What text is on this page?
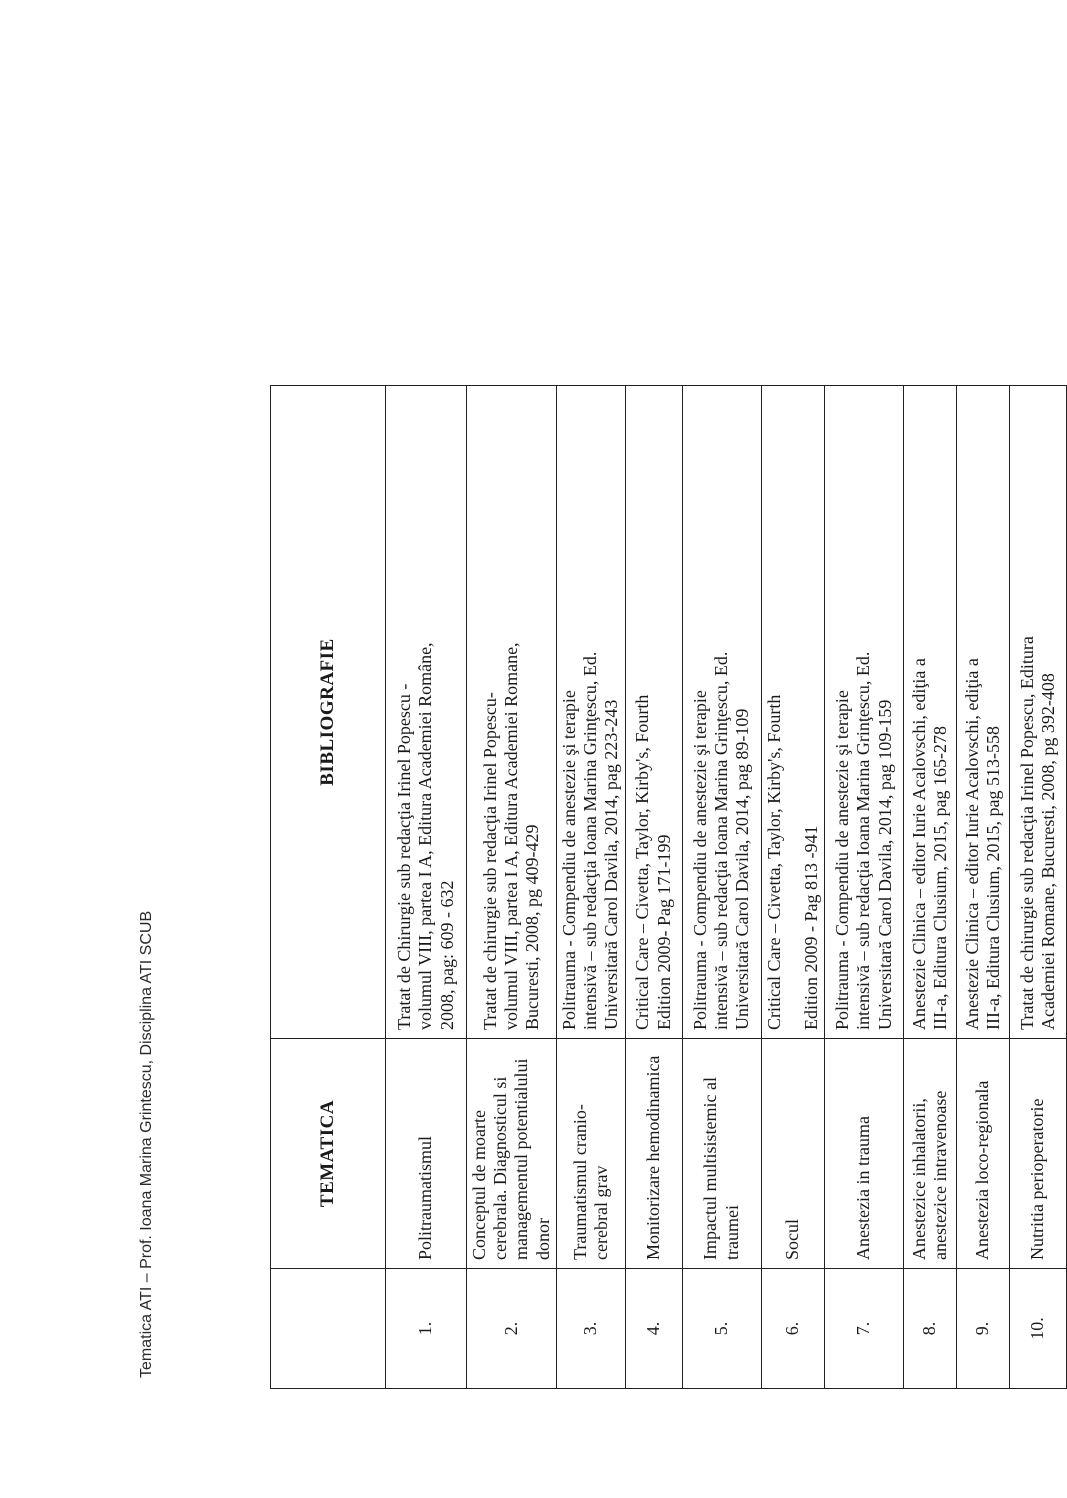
Tematica ATI – Prof. Ioana Marina Grintescu, Disciplina ATI SCUB
		TEMATICA	BIBLIOGRAFIE
1.	Politraumatismul	Tratat de Chirurgie sub redacţia Irinel Popescu - volumul VIII, partea I A, Editura Academiei Române, 2008, pag: 609 - 632

2.	Conceptul de moarte cerebrala. Diagnosticul si managementul potentialului donor	Tratat de chirurgie sub redacţia Irinel Popescu- volumul VIII, partea I A, Editura Academiei Romane, Bucuresti, 2008, pg 409-429

3.	Traumatismul cranio- cerebral grav	Politrauma - Compendiu de anestezie şi terapie intensivă – sub redacţia Ioana Marina Grinţescu, Ed. Universitară Carol Davila, 2014, pag 223-243

4.	Monitorizare hemodinamica	Critical Care – Civetta, Taylor, Kirby's, Fourth Edition 2009- Pag 171-199

5.	Impactul multisistemic al traumei	Politrauma - Compendiu de anestezie şi terapie intensivă – sub redacţia Ioana Marina Grinţescu, Ed. Universitară Carol Davila, 2014, pag 89-109

6.	Socul	Critical Care – Civetta, Taylor, Kirby's, Fourth Edition 2009 - Pag 813 -941

7.	Anestezia in trauma	Politrauma - Compendiu de anestezie şi terapie intensivă – sub redacţia Ioana Marina Grinţescu, Ed. Universitară Carol Davila, 2014, pag 109-159

8.	Anestezice inhalatorii, anestezice intravenoase	Anestezie Clinica – editor Iurie Acalovschi, ediţia a III-a, Editura Clusium, 2015, pag 165-278

9.	Anestezia loco-regionala	Anestezie Clinica – editor Iurie Acalovschi, ediţia a III-a, Editura Clusium, 2015, pag 513-558

10.	Nutritia perioperatorie	Tratat de chirurgie sub redacţia Irinel Popescu, Editura Academiei Romane, Bucuresti, 2008, pg 392-408
